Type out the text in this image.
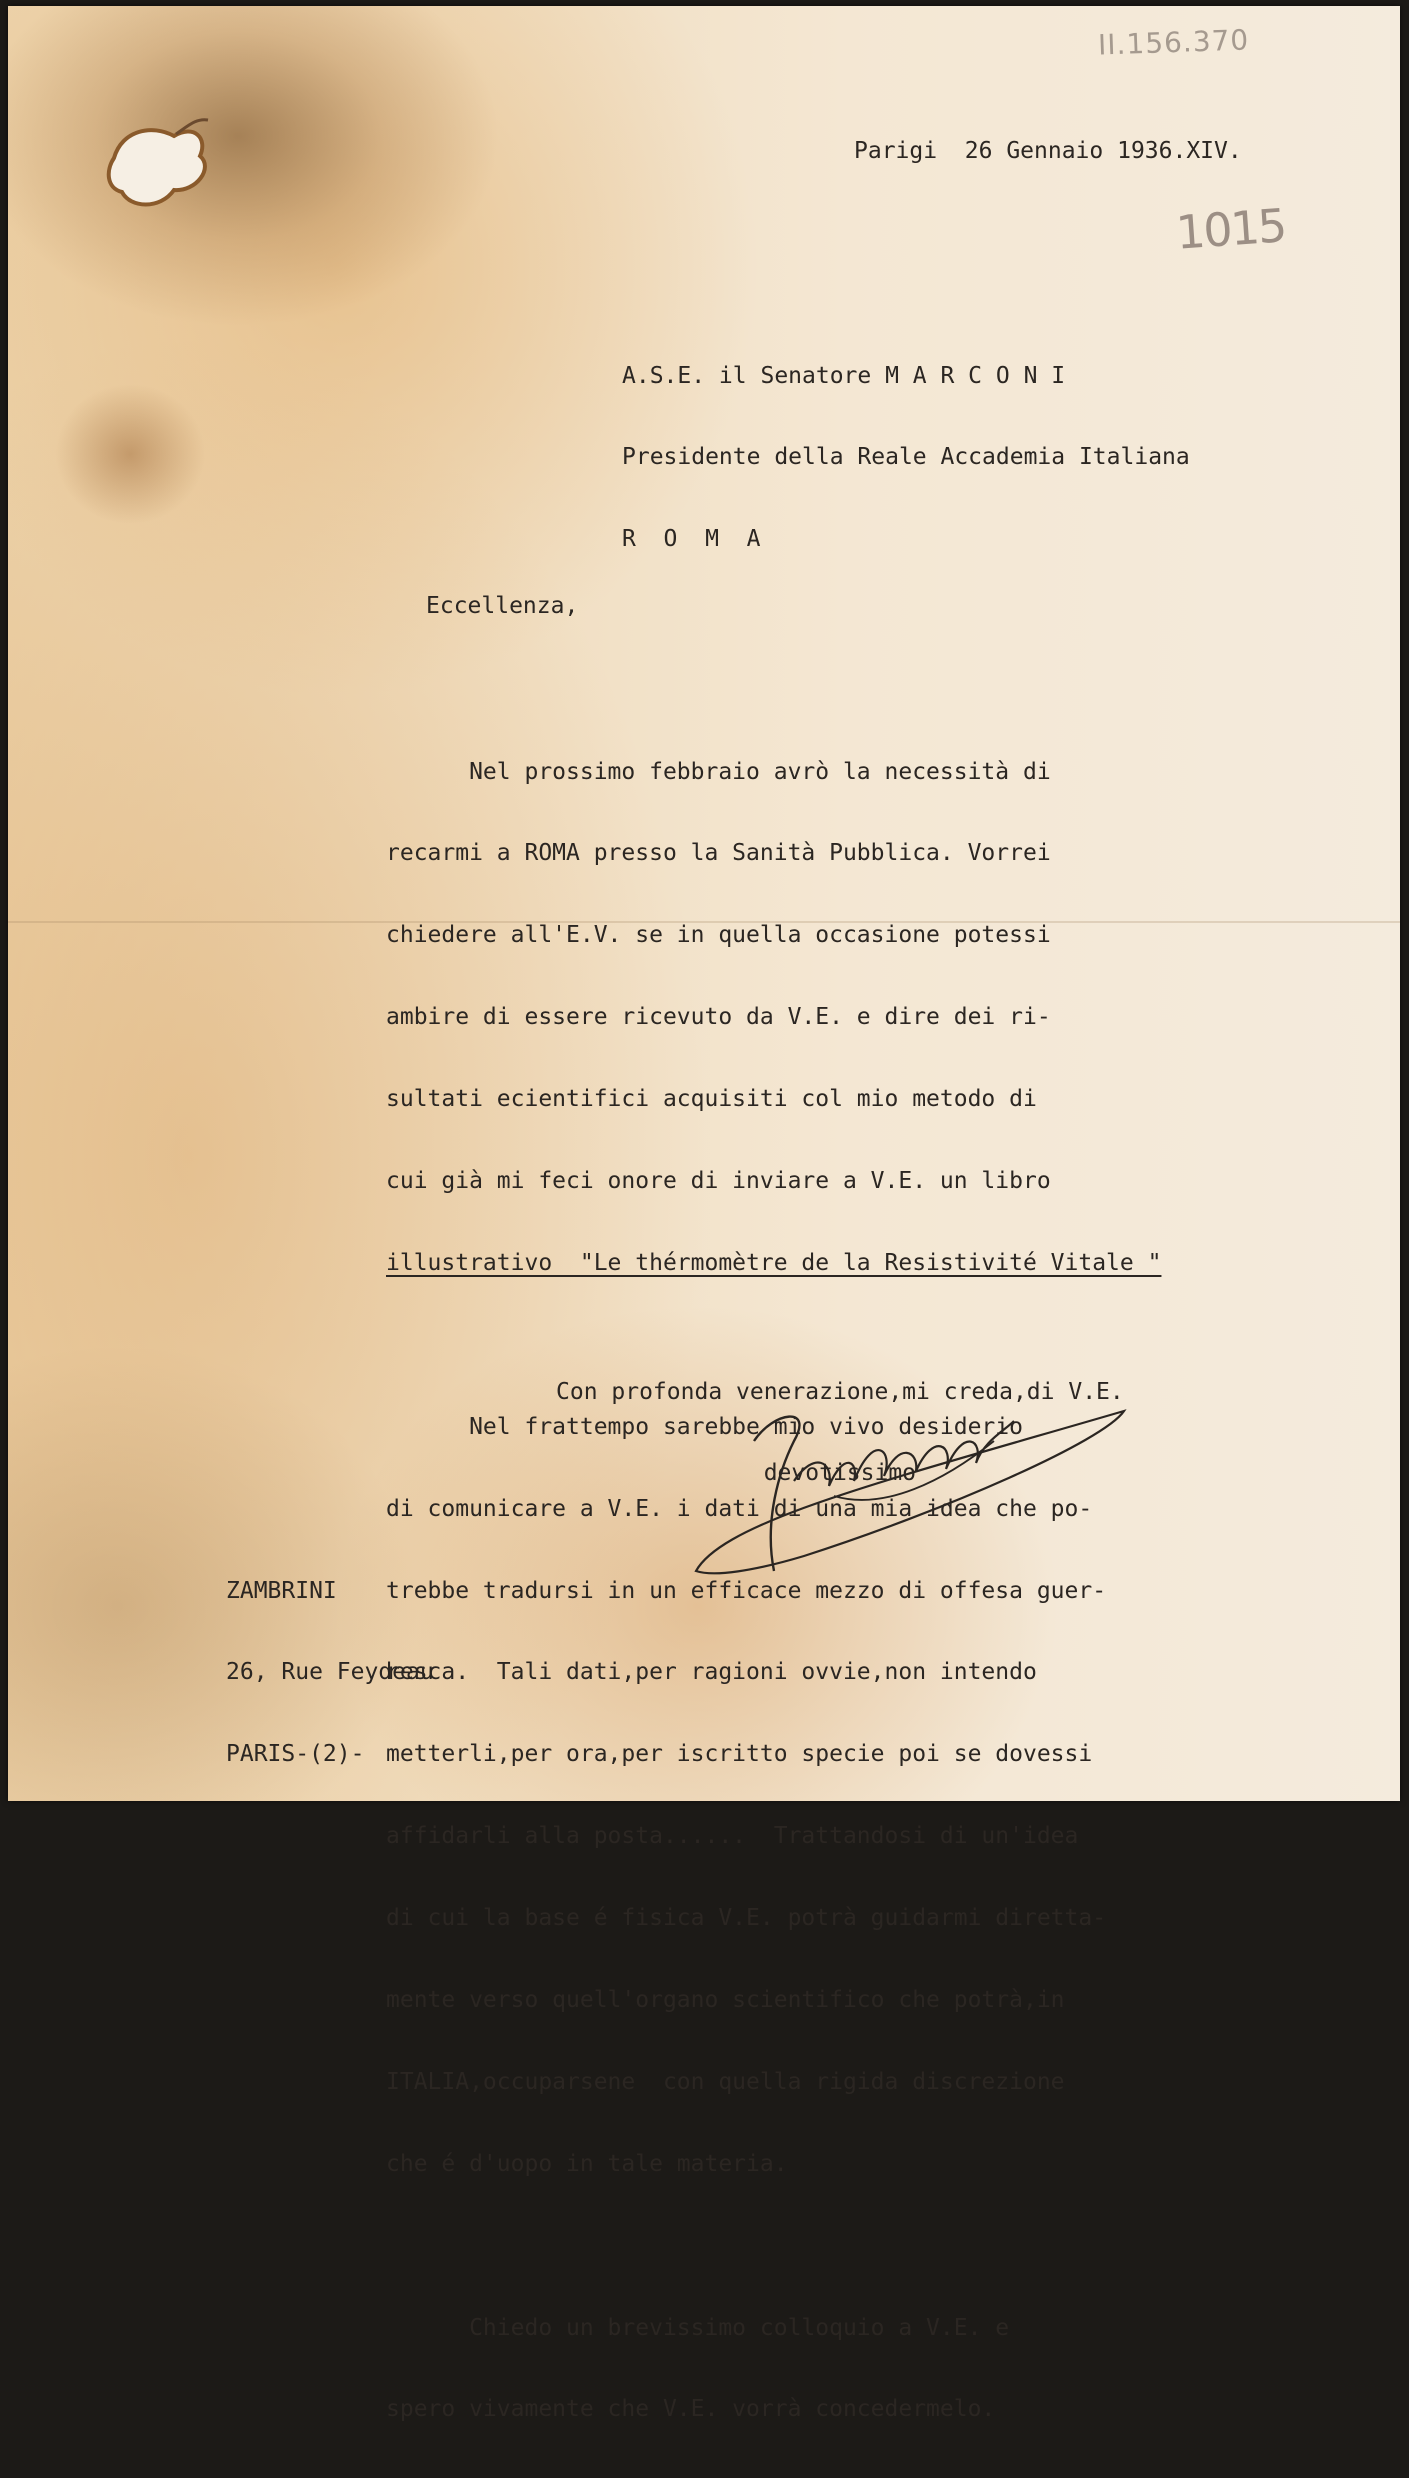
II.156.370
1015
Parigi  26 Gennaio 1936.XIV.

A.S.E. il Senatore M A R C O N I

Presidente della Reale Accademia Italiana

R  O  M  A

Eccellenza,

Nel prossimo febbraio avrò la necessità di

recarmi a ROMA presso la Sanità Pubblica. Vorrei

chiedere all'E.V. se in quella occasione potessi

ambire di essere ricevuto da V.E. e dire dei ri-

sultati ecientifici acquisiti col mio metodo di

cui già mi feci onore di inviare a V.E. un libro

illustrativo  "Le thérmomètre de la Resistivité Vitale "

Nel frattempo sarebbe mio vivo desiderio

di comunicare a V.E. i dati di una mia idea che po-

trebbe tradursi in un efficace mezzo di offesa guer-

resca.  Tali dati,per ragioni ovvie,non intendo

metterli,per ora,per iscritto specie poi se dovessi

affidarli alla posta......  Trattandosi di un'idea

di cui la base é fisica V.E. potrà guidarmi diretta-

mente verso quell'organo scientifico che potrà,in

ITALIA,occuparsene  con quella rigida discrezione

che é d'uopo in tale materia.

Chiedo un brevissimo colloquio a V.E. e

spero vivamente che V.E. vorrà concedermelo.

Con profonda venerazione,mi creda,di V.E.

devotissimo

ZAMBRINI

26, Rue Feydeau

PARIS-(2)-
